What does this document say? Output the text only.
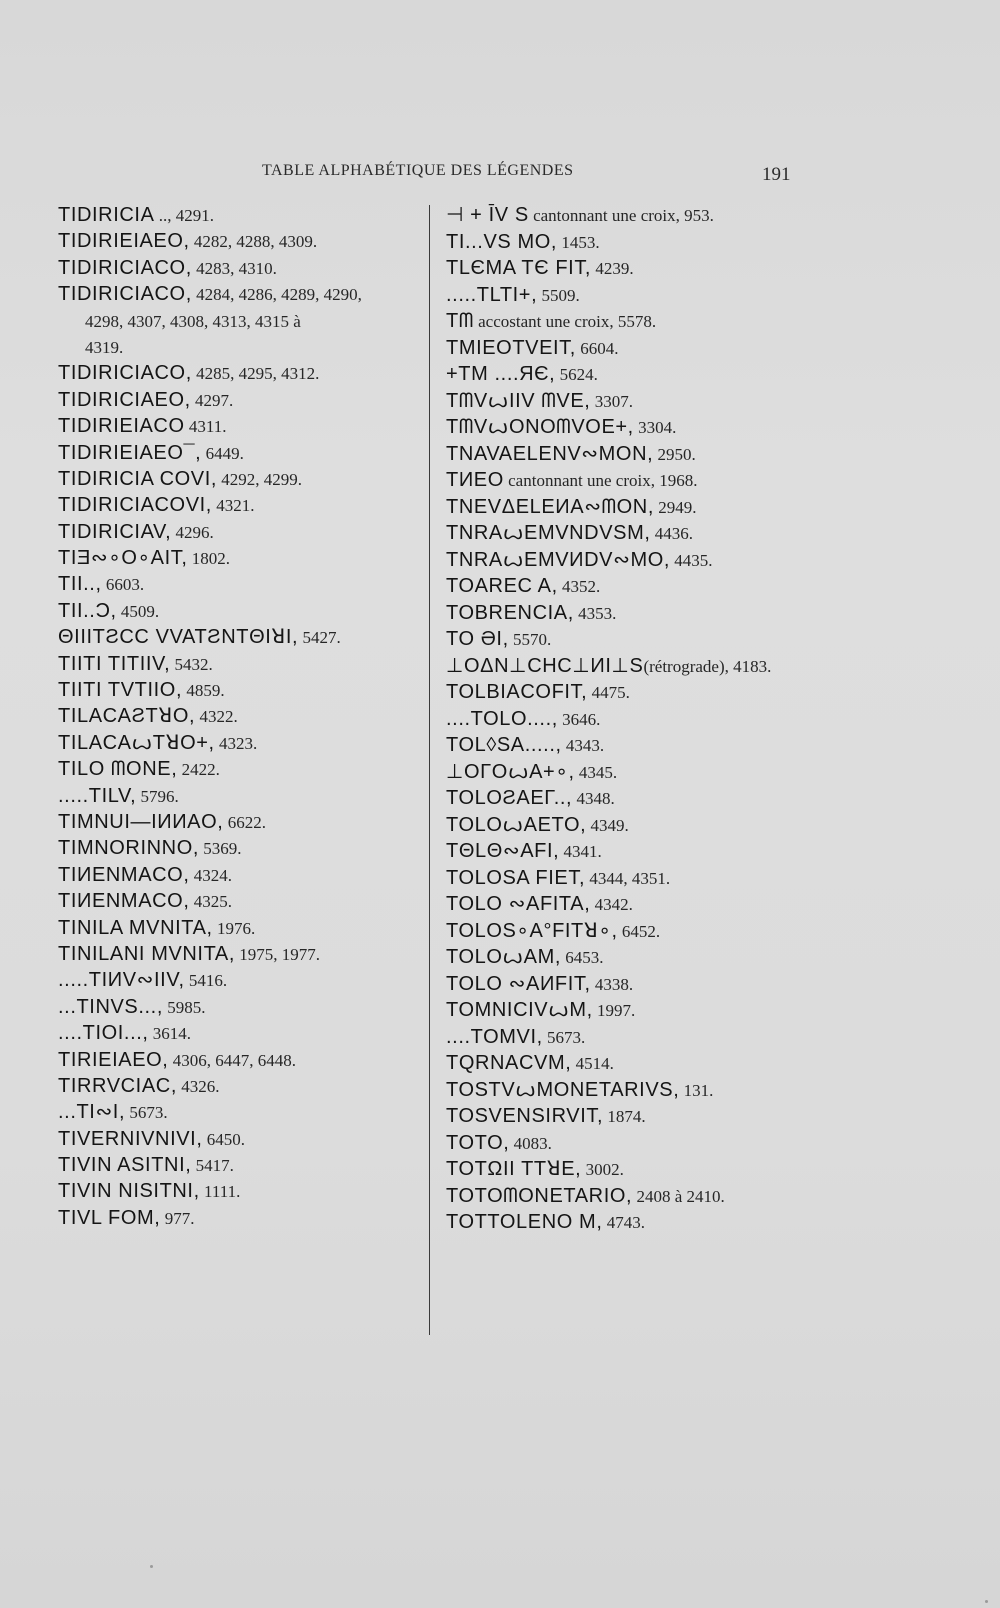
TABLE ALPHABÉTIQUE DES LÉGENDES	191
TIDIRICIA .., 4291.
TIDIRIEIAEO, 4282, 4288, 4309.
TIDIRICIACO, 4283, 4310.
TIDIRICIACO, 4284, 4286, 4289, 4290,
4298, 4307, 4308, 4313, 4315 à
4319.
TIDIRICIACO, 4285, 4295, 4312.
TIDIRICIAEO, 4297.
TIDIRIEIACO 4311.
TIDIRIEIAEO¯, 6449.
TIDIRICIA COVI, 4292, 4299.
TIDIRICIACOVI, 4321.
TIDIRICIAV, 4296.
TIƎ∾∘O∘AIT, 1802.
TII.., 6603.
TII..Ɔ, 4509.
ΘIIITƧCC VVATƧNTΘIꓤI, 5427.
TIITI TITIIV, 5432.
TIITI TVTIIO, 4859.
TILACAƧTꓤO, 4322.
TILACAꙍTꓤO+, 4323.
TILO ᗰONE, 2422.
.....TILV, 5796.
TIMNUI—IИИAO, 6622.
TIMNORINNO, 5369.
TIИENMACO, 4324.
TIИENMACO, 4325.
TINILA MVNITA, 1976.
TINILANI MVNITA, 1975, 1977.
.....TIИV∾IIV, 5416.
...TINVS..., 5985.
....TIOI..., 3614.
TIRIEIAEO, 4306, 6447, 6448.
TIRRVCIAC, 4326.
...TI∾I, 5673.
TIVERNIVNIVI, 6450.
TIVIN ASITNI, 5417.
TIVIN NISITNI, 1111.
TIVL FOM, 977.
⊣ + ĪV S cantonnant une croix, 953.
TI...VS MO, 1453.
TLЄMA TЄ FIT, 4239.
.....TLTI+, 5509.
Tᗰ accostant une croix, 5578.
TMIEOTVEIT, 6604.
+TM ....ЯЄ, 5624.
TᗰVꙍIIV ᗰVE, 3307.
TᗰVꙍONOᗰVOE+, 3304.
TNAVAELENV∾MON, 2950.
TИEO cantonnant une croix, 1968.
TNEVΔELEИA∾ᗰON, 2949.
TNRAꙍEMVNDVSM, 4436.
TNRAꙍEMVИDV∾MO, 4435.
TOAREC A, 4352.
TOBRENCIA, 4353.
TO ƏI, 5570.
⊥OΔN⊥CHC⊥ИI⊥S(rétrograde), 4183.
TOLBIACOFIT, 4475.
....TOLO...., 3646.
TOL◊SA....., 4343.
⊥OΓOꙍA+∘, 4345.
TOLOƧAEΓ.., 4348.
TOLOꙍAETO, 4349.
TΘLΘ∾AFI, 4341.
TOLOSA FIET, 4344, 4351.
TOLO ∾AFITA, 4342.
TOLOS∘A°FITꓤ∘, 6452.
TOLOꙍAM, 6453.
TOLO ∾AИFIT, 4338.
TOMNICIVꙍM, 1997.
....TOMVI, 5673.
TQRNACVM, 4514.
TOSTVꙍMONETARIVS, 131.
TOSVENSIRVIT, 1874.
TOTO, 4083.
TOTΩII TTꓤE, 3002.
TOTOᗰONETARIO, 2408 à 2410.
TOTTOLENO M, 4743.
